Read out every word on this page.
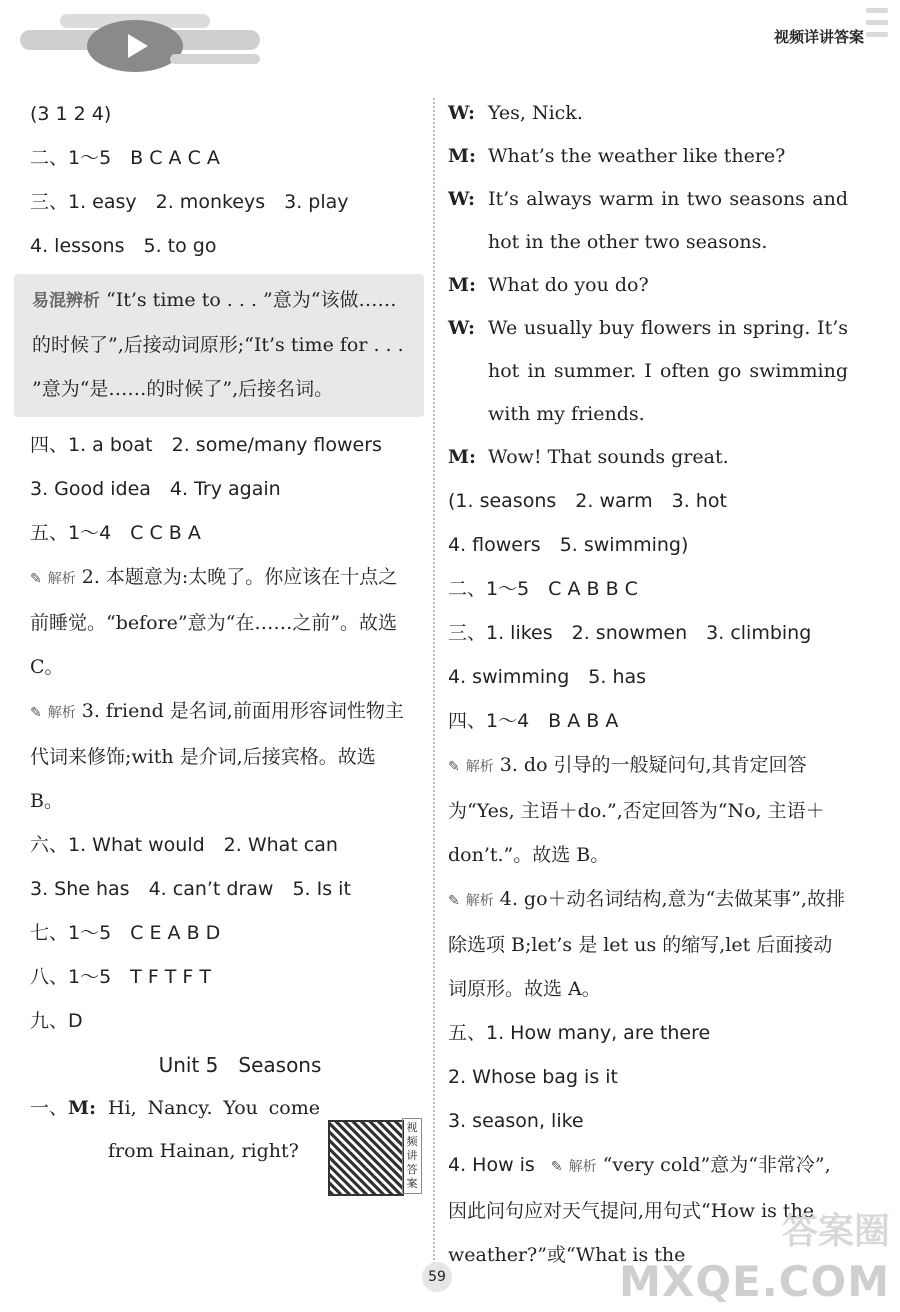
视频详讲答案
(3 1 2 4)
二、1～5　B C A C A
三、1. easy　2. monkeys　3. play
4. lessons　5. to go
易混辨析 “It’s time to . . . ”意为“该做……的时候了”,后接动词原形;“It’s time for . . . ”意为“是……的时候了”,后接名词。
四、1. a boat　2. some/many flowers
3. Good idea　4. Try again
五、1～4　C C B A
✎ 解析 2. 本题意为:太晚了。你应该在十点之前睡觉。“before”意为“在……之前”。故选 C。
✎ 解析 3. friend 是名词,前面用形容词性物主代词来修饰;with 是介词,后接宾格。故选 B。
六、1. What would　2. What can
3. She has　4. can’t draw　5. Is it
七、1～5　C E A B D
八、1～5　T F T F T
九、D
Unit 5　Seasons
一、 M: Hi, Nancy. You come from Hainan, right?
视频讲答案
W: Yes, Nick.
M: What’s the weather like there?
W: It’s always warm in two seasons and hot in the other two seasons.
M: What do you do?
W: We usually buy flowers in spring. It’s hot in summer. I often go swimming with my friends.
M: Wow! That sounds great.
(1. seasons　2. warm　3. hot
4. flowers　5. swimming)
二、1～5　C A B B C
三、1. likes　2. snowmen　3. climbing
4. swimming　5. has
四、1～4　B A B A
✎ 解析 3. do 引导的一般疑问句,其肯定回答为“Yes, 主语＋do.”,否定回答为“No, 主语＋don’t.”。故选 B。
✎ 解析 4. go＋动名词结构,意为“去做某事”,故排除选项 B;let’s 是 let us 的缩写,let 后面接动词原形。故选 A。
五、1. How many, are there
2. Whose bag is it
3. season, like
4. How is ✎ 解析 “very cold”意为“非常冷”,因此问句应对天气提问,用句式“How is the weather?”或“What is the
59
答案圈
MXQE.COM
